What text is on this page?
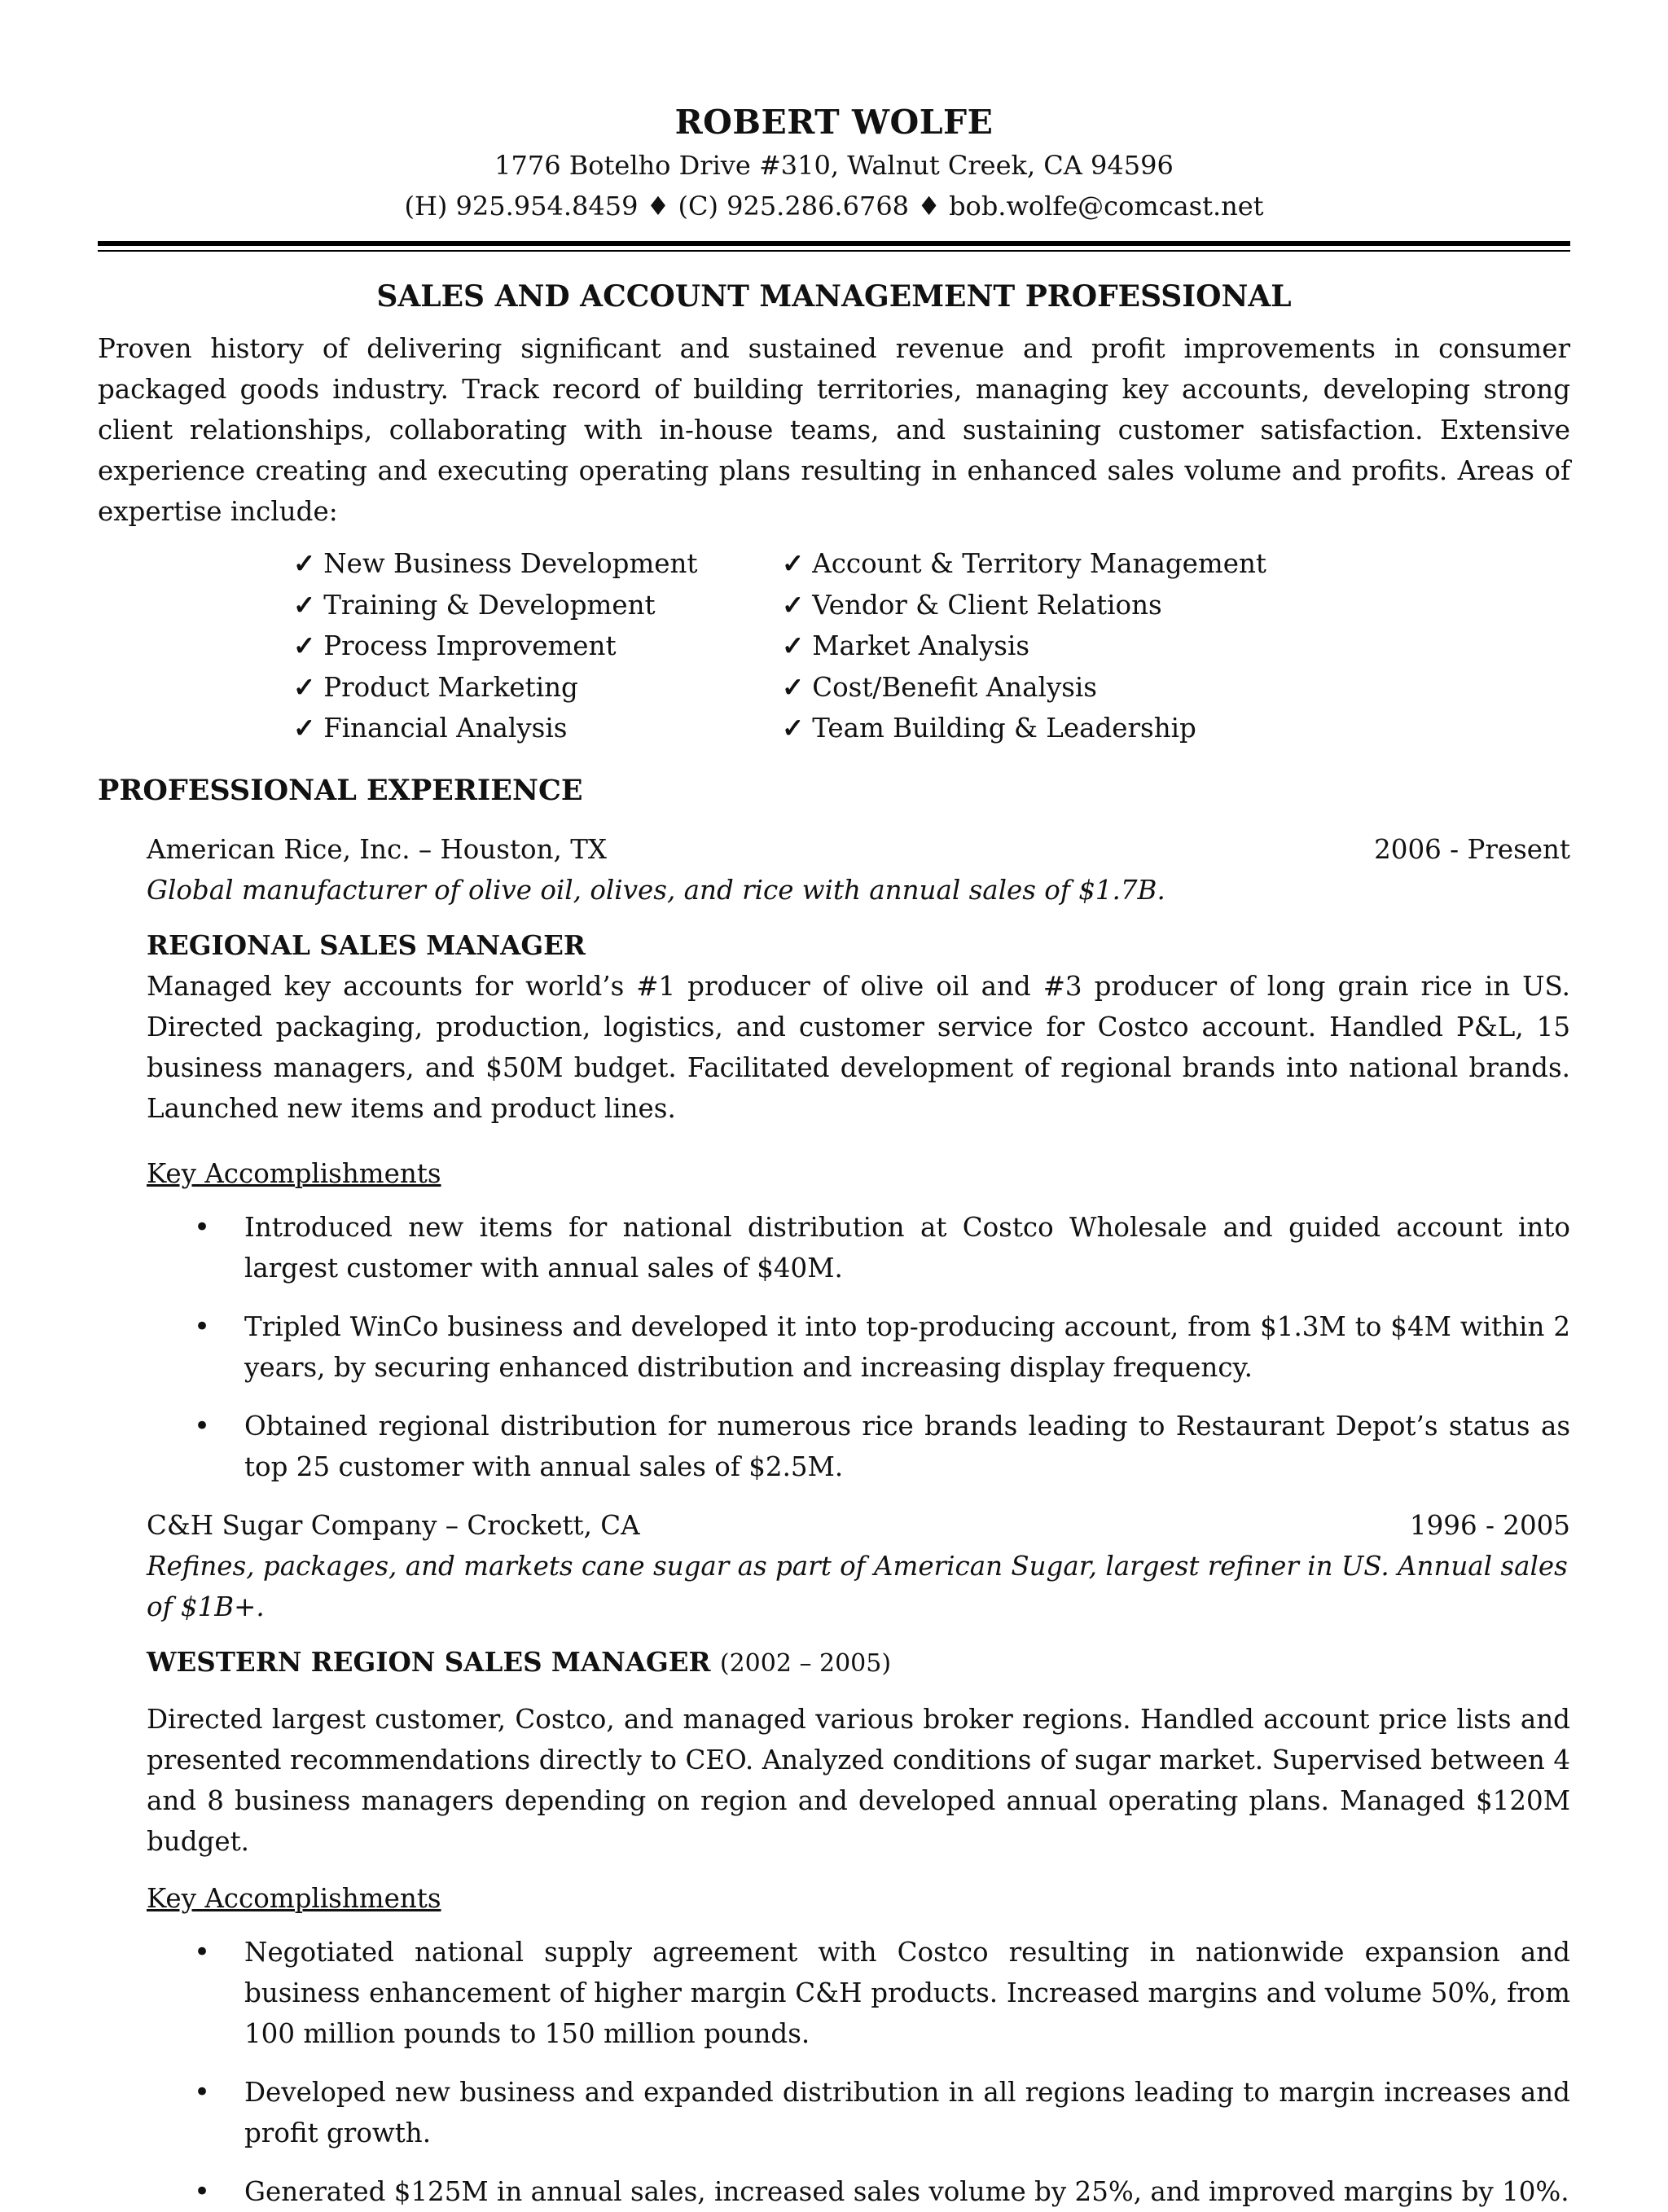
ROBERT WOLFE
1776 Botelho Drive #310, Walnut Creek, CA 94596
(H) 925.954.8459 ♦ (C) 925.286.6768 ♦ bob.wolfe@comcast.net
SALES AND ACCOUNT MANAGEMENT PROFESSIONAL

Proven history of delivering significant and sustained revenue and profit improvements in consumer packaged goods industry. Track record of building territories, managing key accounts, developing strong client relationships, collaborating with in-house teams, and sustaining customer satisfaction. Extensive experience creating and executing operating plans resulting in enhanced sales volume and profits. Areas of expertise include:

✓ New Business Development	✓ Account & Territory Management
✓ Training & Development	✓ Vendor & Client Relations
✓ Process Improvement	✓ Market Analysis
✓ Product Marketing	✓ Cost/Benefit Analysis
✓ Financial Analysis	✓ Team Building & Leadership
PROFESSIONAL EXPERIENCE
American Rice, Inc. – Houston, TX	2006 - Present
Global manufacturer of olive oil, olives, and rice with annual sales of $1.7B.
REGIONAL SALES MANAGER
Managed key accounts for world’s #1 producer of olive oil and #3 producer of long grain rice in US. Directed packaging, production, logistics, and customer service for Costco account. Handled P&L, 15 business managers, and $50M budget. Facilitated development of regional brands into national brands. Launched new items and product lines.
Key Accomplishments
• Introduced new items for national distribution at Costco Wholesale and guided account into largest customer with annual sales of $40M.
• Tripled WinCo business and developed it into top-producing account, from $1.3M to $4M within 2 years, by securing enhanced distribution and increasing display frequency.
• Obtained regional distribution for numerous rice brands leading to Restaurant Depot’s status as top 25 customer with annual sales of $2.5M.
C&H Sugar Company – Crockett, CA	1996 - 2005
Refines, packages, and markets cane sugar as part of American Sugar, largest refiner in US. Annual sales of $1B+.
WESTERN REGION SALES MANAGER (2002 – 2005)
Directed largest customer, Costco, and managed various broker regions. Handled account price lists and presented recommendations directly to CEO. Analyzed conditions of sugar market. Supervised between 4 and 8 business managers depending on region and developed annual operating plans. Managed $120M budget.
Key Accomplishments
• Negotiated national supply agreement with Costco resulting in nationwide expansion and business enhancement of higher margin C&H products. Increased margins and volume 50%, from 100 million pounds to 150 million pounds.
• Developed new business and expanded distribution in all regions leading to margin increases and profit growth.
• Generated $125M in annual sales, increased sales volume by 25%, and improved margins by 10%.
